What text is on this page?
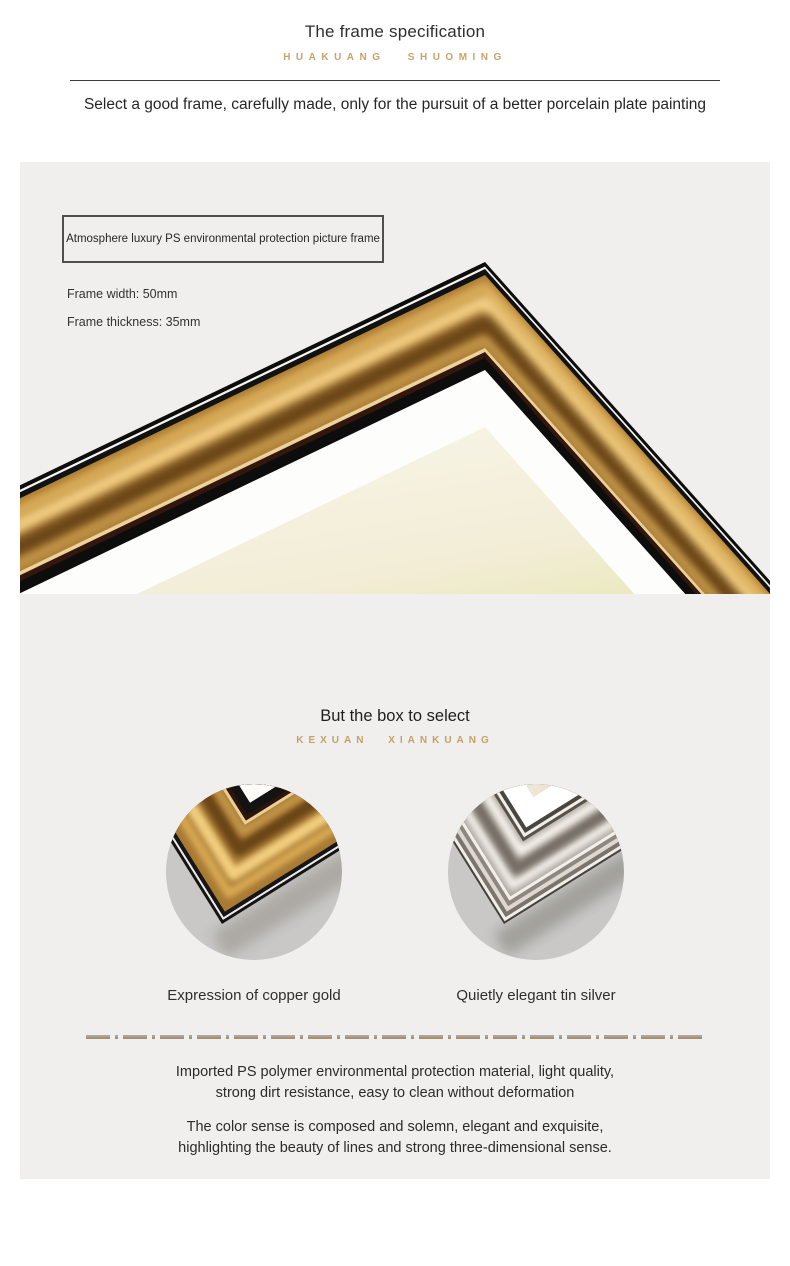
The frame specification
HUAKUANG SHUOMING
Select a good frame, carefully made, only for the pursuit of a better porcelain plate painting
Atmosphere luxury PS environmental protection picture frame
Frame width: 50mm
Frame thickness: 35mm
But the box to select
KEXUAN XIANKUANG
Expression of copper gold	Quietly elegant tin silver
Imported PS polymer environmental protection material, light quality,
strong dirt resistance, easy to clean without deformation
The color sense is composed and solemn, elegant and exquisite,
highlighting the beauty of lines and strong three-dimensional sense.
